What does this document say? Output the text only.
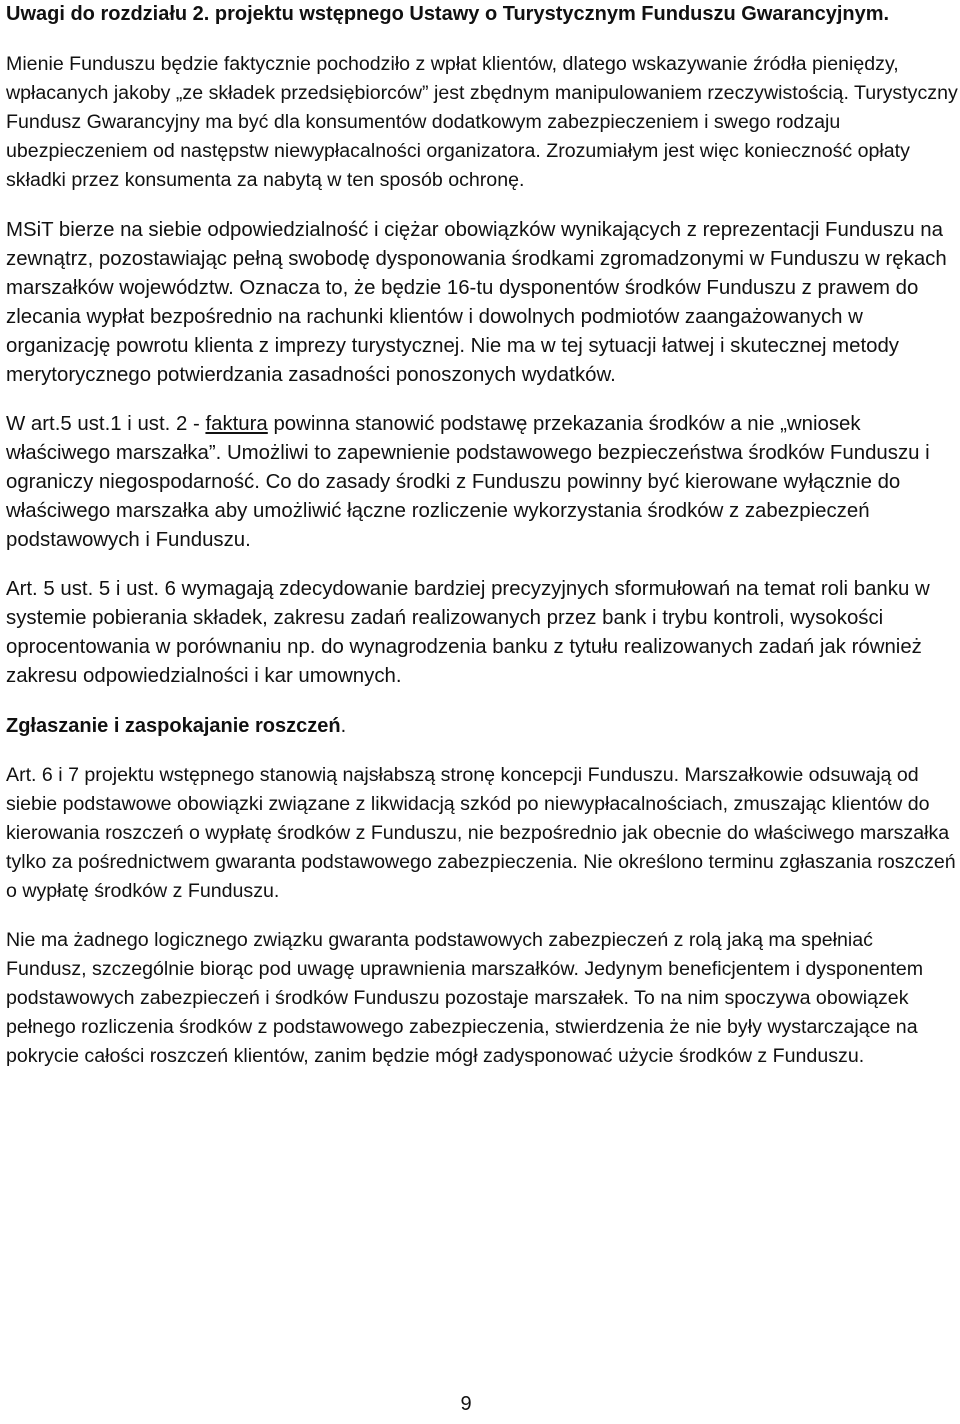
Uwagi do rozdziału 2. projektu wstępnego Ustawy o Turystycznym Funduszu Gwarancyjnym.

Mienie Funduszu będzie faktycznie pochodziło z wpłat klientów, dlatego wskazywanie źródła pieniędzy, wpłacanych jakoby „ze składek przedsiębiorców” jest zbędnym manipulowaniem rzeczywistością. Turystyczny Fundusz Gwarancyjny ma być dla konsumentów dodatkowym zabezpieczeniem i swego rodzaju ubezpieczeniem od następstw niewypłacalności organizatora. Zrozumiałym jest więc konieczność opłaty składki przez konsumenta za nabytą w ten sposób ochronę.

MSiT bierze na siebie odpowiedzialność i ciężar obowiązków wynikających z reprezentacji Funduszu na zewnątrz, pozostawiając pełną swobodę dysponowania środkami zgromadzonymi w Funduszu w rękach marszałków województw. Oznacza to, że będzie 16-tu dysponentów środków Funduszu z prawem do zlecania wypłat bezpośrednio na rachunki klientów i dowolnych podmiotów zaangażowanych w organizację powrotu klienta z imprezy turystycznej. Nie ma w tej sytuacji łatwej i skutecznej metody merytorycznego potwierdzania zasadności ponoszonych wydatków.

W art.5 ust.1 i ust. 2 - faktura powinna stanowić podstawę przekazania środków a nie „wniosek właściwego marszałka”. Umożliwi to zapewnienie podstawowego bezpieczeństwa środków Funduszu i ograniczy niegospodarność. Co do zasady środki z Funduszu powinny być kierowane wyłącznie do właściwego marszałka aby umożliwić łączne rozliczenie wykorzystania środków z zabezpieczeń podstawowych i Funduszu.

Art. 5 ust. 5 i ust. 6 wymagają zdecydowanie bardziej precyzyjnych sformułowań na temat roli banku w systemie pobierania składek, zakresu zadań realizowanych przez bank i trybu kontroli, wysokości oprocentowania w porównaniu np. do wynagrodzenia banku z tytułu realizowanych zadań jak również zakresu odpowiedzialności i kar umownych.

Zgłaszanie i zaspokajanie roszczeń.

Art. 6 i 7 projektu wstępnego stanowią najsłabszą stronę koncepcji Funduszu. Marszałkowie odsuwają od siebie podstawowe obowiązki związane z likwidacją szkód po niewypłacalnościach, zmuszając klientów do kierowania roszczeń o wypłatę środków z Funduszu, nie bezpośrednio jak obecnie do właściwego marszałka tylko za pośrednictwem gwaranta podstawowego zabezpieczenia. Nie określono terminu zgłaszania roszczeń o wypłatę środków z Funduszu.

Nie ma żadnego logicznego związku gwaranta podstawowych zabezpieczeń z rolą jaką ma spełniać Fundusz, szczególnie biorąc pod uwagę uprawnienia marszałków. Jedynym beneficjentem i dysponentem podstawowych zabezpieczeń i środków Funduszu pozostaje marszałek. To na nim spoczywa obowiązek pełnego rozliczenia środków z podstawowego zabezpieczenia, stwierdzenia że nie były wystarczające na pokrycie całości roszczeń klientów, zanim będzie mógł zadysponować użycie środków z Funduszu.

9
